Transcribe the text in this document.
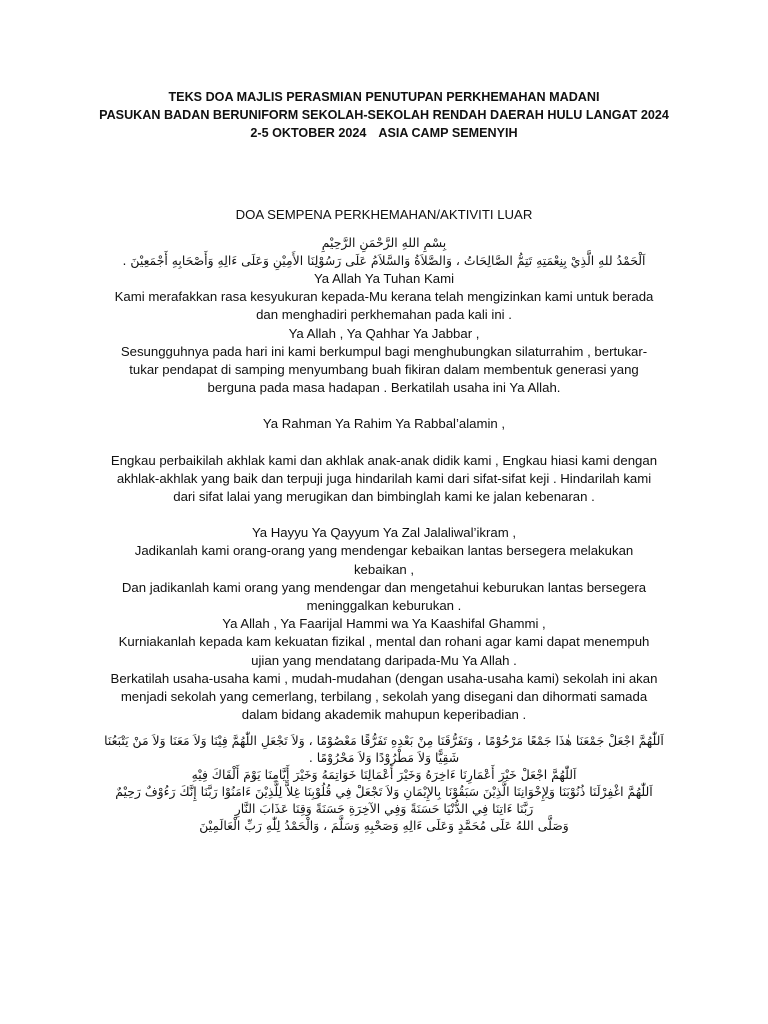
TEKS DOA MAJLIS PERASMIAN PENUTUPAN PERKHEMAHAN MADANI
PASUKAN BADAN BERUNIFORM SEKOLAH-SEKOLAH RENDAH DAERAH HULU LANGAT 2024
2-5 OKTOBER 2024 ASIA CAMP SEMENYIH

DOA SEMPENA PERKHEMAHAN/AKTIVITI LUAR

بِسْمِ اللهِ الرَّحْمَنِ الرَّحِيْمِ

اَلْحَمْدُ للهِ الَّذِيْ بِنِعْمَتِهِ تَتِمُّ الصَّالِحَاتُ ، وَالصَّلاَةُ وَالسَّلاَمُ عَلَى رَسُوْلِنَا الأَمِيْنِ وَعَلَى ءَالِهِ وَأَصْحَابِهِ أَجْمَعِيْنَ .

Ya Allah Ya Tuhan Kami

Kami merafakkan rasa kesyukuran kepada-Mu kerana telah mengizinkan kami untuk berada

dan menghadiri perkhemahan pada kali ini .

Ya Allah , Ya Qahhar Ya Jabbar ,

Sesungguhnya pada hari ini kami berkumpul bagi menghubungkan silaturrahim , bertukar-

tukar pendapat di samping menyumbang buah fikiran dalam membentuk generasi yang

berguna pada masa hadapan . Berkatilah usaha ini Ya Allah.

Ya Rahman Ya Rahim Ya Rabbal’alamin ,

Engkau perbaikilah akhlak kami dan akhlak anak-anak didik kami , Engkau hiasi kami dengan

akhlak-akhlak yang baik dan terpuji juga hindarilah kami dari sifat-sifat keji . Hindarilah kami

dari sifat lalai yang merugikan dan bimbinglah kami ke jalan kebenaran .

Ya Hayyu Ya Qayyum Ya Zal Jalaliwal’ikram ,

Jadikanlah kami orang-orang yang mendengar kebaikan lantas bersegera melakukan

kebaikan ,

Dan jadikanlah kami orang yang mendengar dan mengetahui keburukan lantas bersegera

meninggalkan keburukan .

Ya Allah , Ya Faarijal Hammi wa Ya Kaashifal Ghammi ,

Kurniakanlah kepada kam kekuatan fizikal , mental dan rohani agar kami dapat menempuh

ujian yang mendatang daripada-Mu Ya Allah .

Berkatilah usaha-usaha kami , mudah-mudahan (dengan usaha-usaha kami) sekolah ini akan

menjadi sekolah yang cemerlang, terbilang , sekolah yang disegani dan dihormati samada

dalam bidang akademik mahupun keperibadian .

اَللّٰهُمَّ اجْعَلْ جَمْعَنَا هٰذَا جَمْعًا مَرْحُوْمًا ، وَتَفَرُّقَنَا مِنْ بَعْدِهِ تَفَرُّقًا مَعْصُوْمًا ، وَلاَ تَجْعَلِ اللّٰهُمَّ فِيْنَا وَلاَ مَعَنَا وَلاَ مَنْ يَتْبَعُنَا

شَقِيًّا وَلاَ مَطْرُوْدًا وَلاَ مَحْرُوْمًا .

اَللّٰهُمَّ اجْعَلْ خَيْرَ أَعْمَارِنَا ءَاخِرَهُ وَخَيْرَ أَعْمَالِنَا خَوَاتِمَهُ وَخَيْرَ أَيَّامِنَا يَوْمَ أَلْقَاكَ فِيْهِ

اَللّٰهُمَّ اغْفِرْلَنَا ذُنُوْبَنَا وَلِإِخْوَانِنَا الَّذِيْنَ سَبَقُوْنَا بِالإِيْمَانِ وَلاَ تَجْعَلْ فِي قُلُوْبِنَا غِلاًّ لِلَّذِيْنَ ءَامَنُوْا رَبَّنَا إِنَّكَ رَءُوْفٌ رَحِيْمٌ

رَبَّنَا ءَاتِنَا فِي الدُّنْيَا حَسَنَةً وَفِي الآخِرَةِ حَسَنَةً وَقِنَا عَذَابَ النَّارِ

وَصَلَّى اللهُ عَلَى مُحَمَّدٍ وَعَلَى ءَالِهِ وَصَحْبِهِ وَسَلَّمَ ، وَالْحَمْدُ لِلّٰهِ رَبِّ الْعَالَمِيْنَ
